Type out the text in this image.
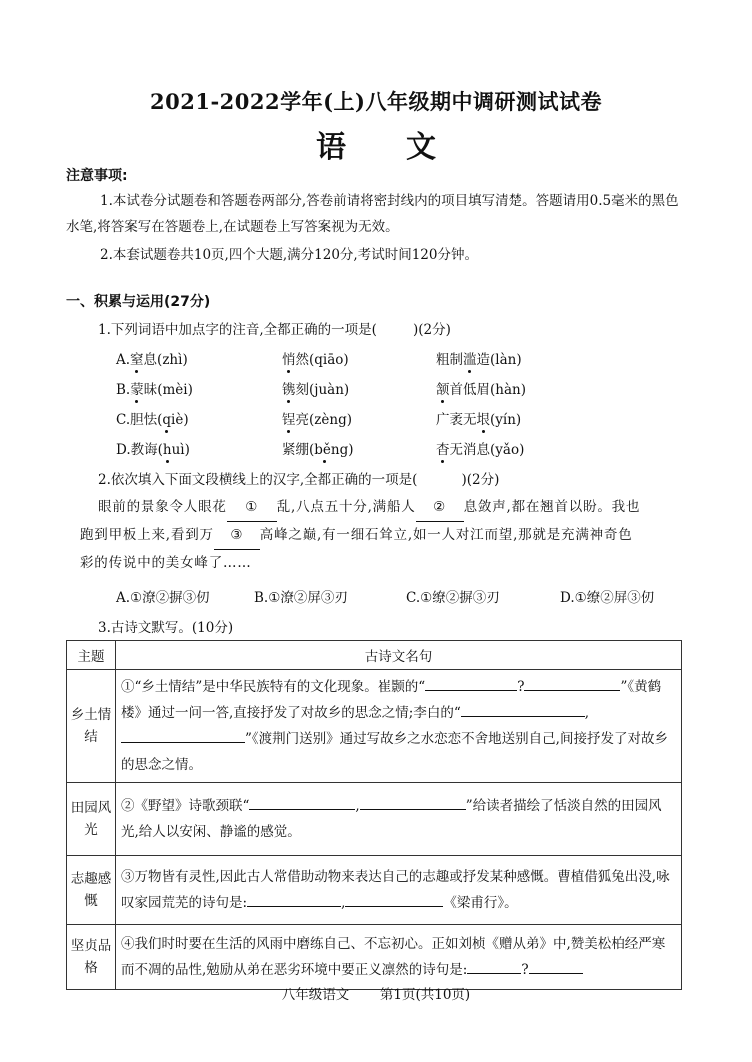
2021-2022学年(上)八年级期中调研测试试卷
语文
注意事项:
1.本试卷分试题卷和答题卷两部分,答卷前请将密封线内的项目填写清楚。答题请用0.5毫米的黑色水笔,将答案写在答题卷上,在试题卷上写答案视为无效。
2.本套试题卷共10页,四个大题,满分120分,考试时间120分钟。
一、积累与运用(27分)
1.下列词语中加点字的注音,全都正确的一项是(	)(2分)
A.窒息(zhì)	悄然(qiāo)	粗制滥造(làn)
B.蒙昧(mèi)	镌刻(juàn)	颔首低眉(hàn)
C.胆怯(qiè)	锃亮(zèng)	广袤无垠(yín)
D.教诲(huì)	紧绷(běng)	杳无消息(yǎo)
2.依次填入下面文段横线上的汉字,全都正确的一项是(	)(2分)
眼前的景象令人眼花 ① 乱,八点五十分,满船人 ② 息敛声,都在翘首以盼。我也
跑到甲板上来,看到万 ③ 高峰之巅,有一细石耸立,如一人对江而望,那就是充满神奇色
彩的传说中的美女峰了……
A.①潦②摒③仞	B.①潦②屏③刃	C.①缭②摒③刃	D.①缭②屏③仞
3.古诗文默写。(10分)
主题	古诗文名句
乡土情结	①“乡土情结”是中华民族特有的文化现象。崔颢的“ ? ”《黄鹤楼》通过一问一答,直接抒发了对故乡的思念之情;李白的“ ,”《渡荆门送别》通过写故乡之水恋恋不舍地送别自己,间接抒发了对故乡的思念之情。
田园风光	②《野望》诗歌颈联“ , ”给读者描绘了恬淡自然的田园风光,给人以安闲、静谧的感觉。
志趣感慨	③万物皆有灵性,因此古人常借助动物来表达自己的志趣或抒发某种感慨。曹植借狐兔出没,咏叹家园荒芜的诗句是: , 《梁甫行》。
坚贞品格	④我们时时要在生活的风雨中磨练自己、不忘初心。正如刘桢《赠从弟》中,赞美松柏经严寒而不凋的品性,勉励从弟在恶劣环境中要正义凛然的诗句是: ?
八年级语文 第1页(共10页)
